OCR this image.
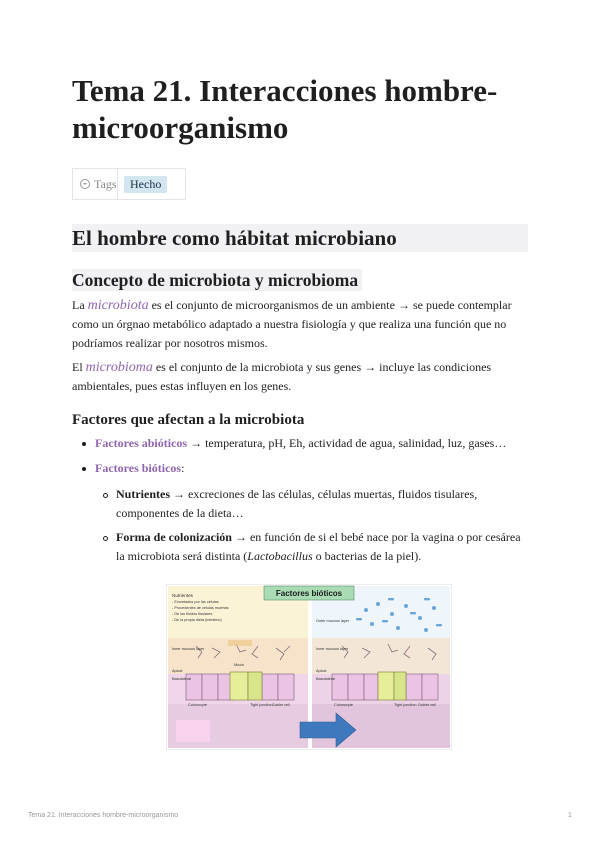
Tema 21. Interacciones hombre-microorganismo
Tags	Hecho
El hombre como hábitat microbiano
Concepto de microbiota y microbioma

La microbiota es el conjunto de microorganismos de un ambiente → se puede contemplar como un órgnao metabólico adaptado a nuestra fisiología y que realiza una función que no podríamos realizar por nosotros mismos.

El microbioma es el conjunto de la microbiota y sus genes → incluye las condiciones ambientales, pues estas influyen en los genes.

Factores que afectan a la microbiota

Factores abióticos → temperatura, pH, Eh, actividad de agua, salinidad, luz, gases…

Factores bióticos:

Nutrientes → excreciones de las células, células muertas, fluidos tisulares, componentes de la dieta…

Forma de colonización → en función de si el bebé nace por la vagina o por cesárea la microbiota será distinta (Lactobacillus o bacterias de la piel).

Nutrientes
- Excretados por las células
- Procedentes de células muertas
- De los fluidos tisulares
- De la propia dieta (intestino)
Inner mucous layer
Mucin
Apical
Basolateral
Colonocyte	Tight junction Goblet cell
Outer mucous layer
Inner mucous layer
Apical
Basolateral
Colonocyte	Tight junction Goblet cell
Factores bióticos
Tema 21. Interacciones hombre-microorganismo	1
